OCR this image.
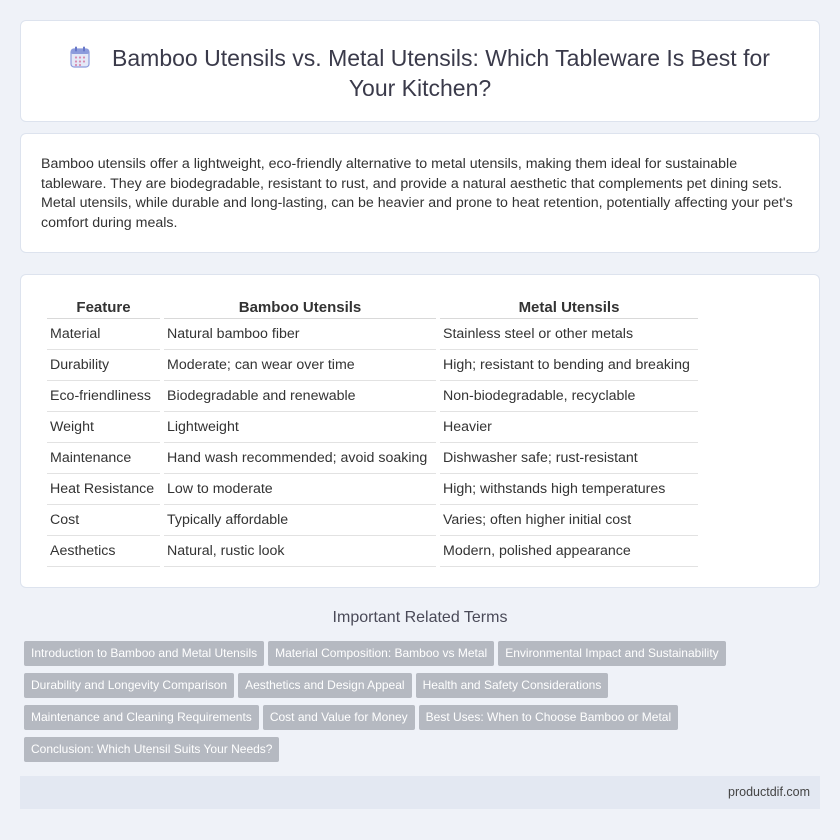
Bamboo Utensils vs. Metal Utensils: Which Tableware Is Best for Your Kitchen?

Bamboo utensils offer a lightweight, eco-friendly alternative to metal utensils, making them ideal for sustainable tableware. They are biodegradable, resistant to rust, and provide a natural aesthetic that complements pet dining sets. Metal utensils, while durable and long-lasting, can be heavier and prone to heat retention, potentially affecting your pet's comfort during meals.

Feature	Bamboo Utensils	Metal Utensils
Material	Natural bamboo fiber	Stainless steel or other metals
Durability	Moderate; can wear over time	High; resistant to bending and breaking
Eco-friendliness	Biodegradable and renewable	Non-biodegradable, recyclable
Weight	Lightweight	Heavier
Maintenance	Hand wash recommended; avoid soaking	Dishwasher safe; rust-resistant
Heat Resistance	Low to moderate	High; withstands high temperatures
Cost	Typically affordable	Varies; often higher initial cost
Aesthetics	Natural, rustic look	Modern, polished appearance
Important Related Terms
Introduction to Bamboo and Metal Utensils Material Composition: Bamboo vs Metal Environmental Impact and Sustainability
Durability and Longevity Comparison Aesthetics and Design Appeal Health and Safety Considerations
Maintenance and Cleaning Requirements Cost and Value for Money Best Uses: When to Choose Bamboo or Metal
Conclusion: Which Utensil Suits Your Needs?
productdif.com
